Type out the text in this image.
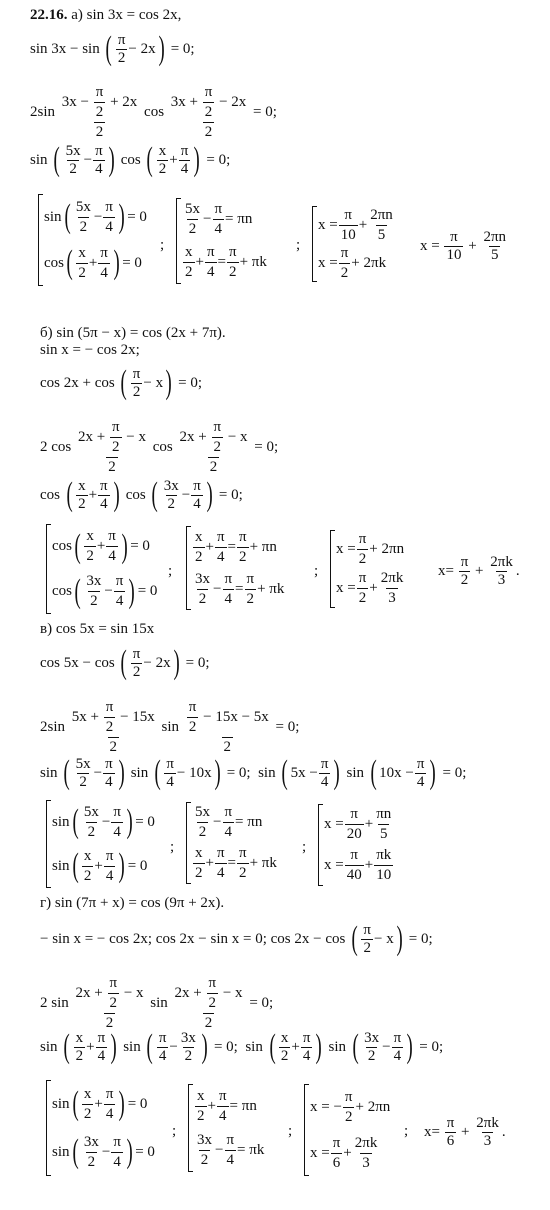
22.16. а) sin 3x = cos 2x,
sin 3x − sin ( π
2
− 2x ) = 0;
$2\sin \frac{3x - \frac{\pi}{2} + 2x}{2}$ $\cos \frac{3x + \frac{\pi}{2} - 2x}{2} = 0$;
sin ( 5x
2
−
π
4 ) cos ( x
2
+
π
4 ) = 0;
sin ( 5x
2
−
π
4 ) = 0
cos ( x
2
+
π
4 ) = 0
;
5x
2
−
π
4
= πn
x
2
+
π
4
=
π
2
+ πk
;
x =
π
10
+
2πn
5
x =
π
2
+ 2πk
$x = \frac{\pi}{10} + \frac{2\pi n}{5}$
б) sin (5π − x) = cos (2x + 7π).
sin x = − cos 2x;
cos 2x + cos ( π
2
− x ) = 0;
2 $\cos \frac{2x + \frac{\pi}{2} - x}{2}$ $\cos \frac{2x + \frac{\pi}{2} - x}{2} = 0$;
cos ( x
2
+
π
4 ) cos ( 3x
2
−
π
4 ) = 0;
cos ( x
2
+
π
4 ) = 0
cos ( 3x
2
−
π
4 ) = 0
;
x
2
+
π
4
=
π
2
+ πn
3x
2
−
π
4
=
π
2
+ πk
;
x =
π
2
+ 2πn
x =
π
2
+
2πk
3
$x= \frac{\pi}{2} + \frac{2\pi k}{3}$ .
в) cos 5x = sin 15x
cos 5x − cos ( π
2
− 2x ) = 0;
$2\sin \frac{5x + \frac{\pi}{2} - 15x}{2}$ $\sin \frac{\frac{\pi}{2} - 15x - 5x}{2} = 0$;
sin ( 5x
2
−
π
4 ) sin ( π
4
− 10x ) = 0;  sin ( 5x −
π
4 ) sin ( 10x −
π
4 ) = 0;
sin ( 5x
2
−
π
4 ) = 0
sin ( x
2
+
π
4 ) = 0
;
5x
2
−
π
4
= πn
x
2
+
π
4
=
π
2
+ πk
;
x =
π
20
+
πn
5
x =
π
40
+
πk
10
г) sin (7π + x) = cos (9π + 2x).
− sin x = − cos 2x; cos 2x − sin x = 0; cos 2x − cos ( π
2
− x ) = 0;
2 $\sin \frac{2x + \frac{\pi}{2} - x}{2}$ $\sin \frac{2x + \frac{\pi}{2} - x}{2} = 0$;
sin ( x
2
+
π
4 ) sin ( π
4
−
3x
2 ) = 0;  sin ( x
2
+
π
4 ) sin ( 3x
2
−
π
4 ) = 0;
sin ( x
2
+
π
4 ) = 0
sin ( 3x
2
−
π
4 ) = 0
;
x
2
+
π
4
= πn
3x
2
−
π
4
= πk
;
x = −
π
2
+ 2πn
x =
π
6
+
2πk
3
; $x= \frac{\pi}{6} + \frac{2\pi k}{3}$ .
